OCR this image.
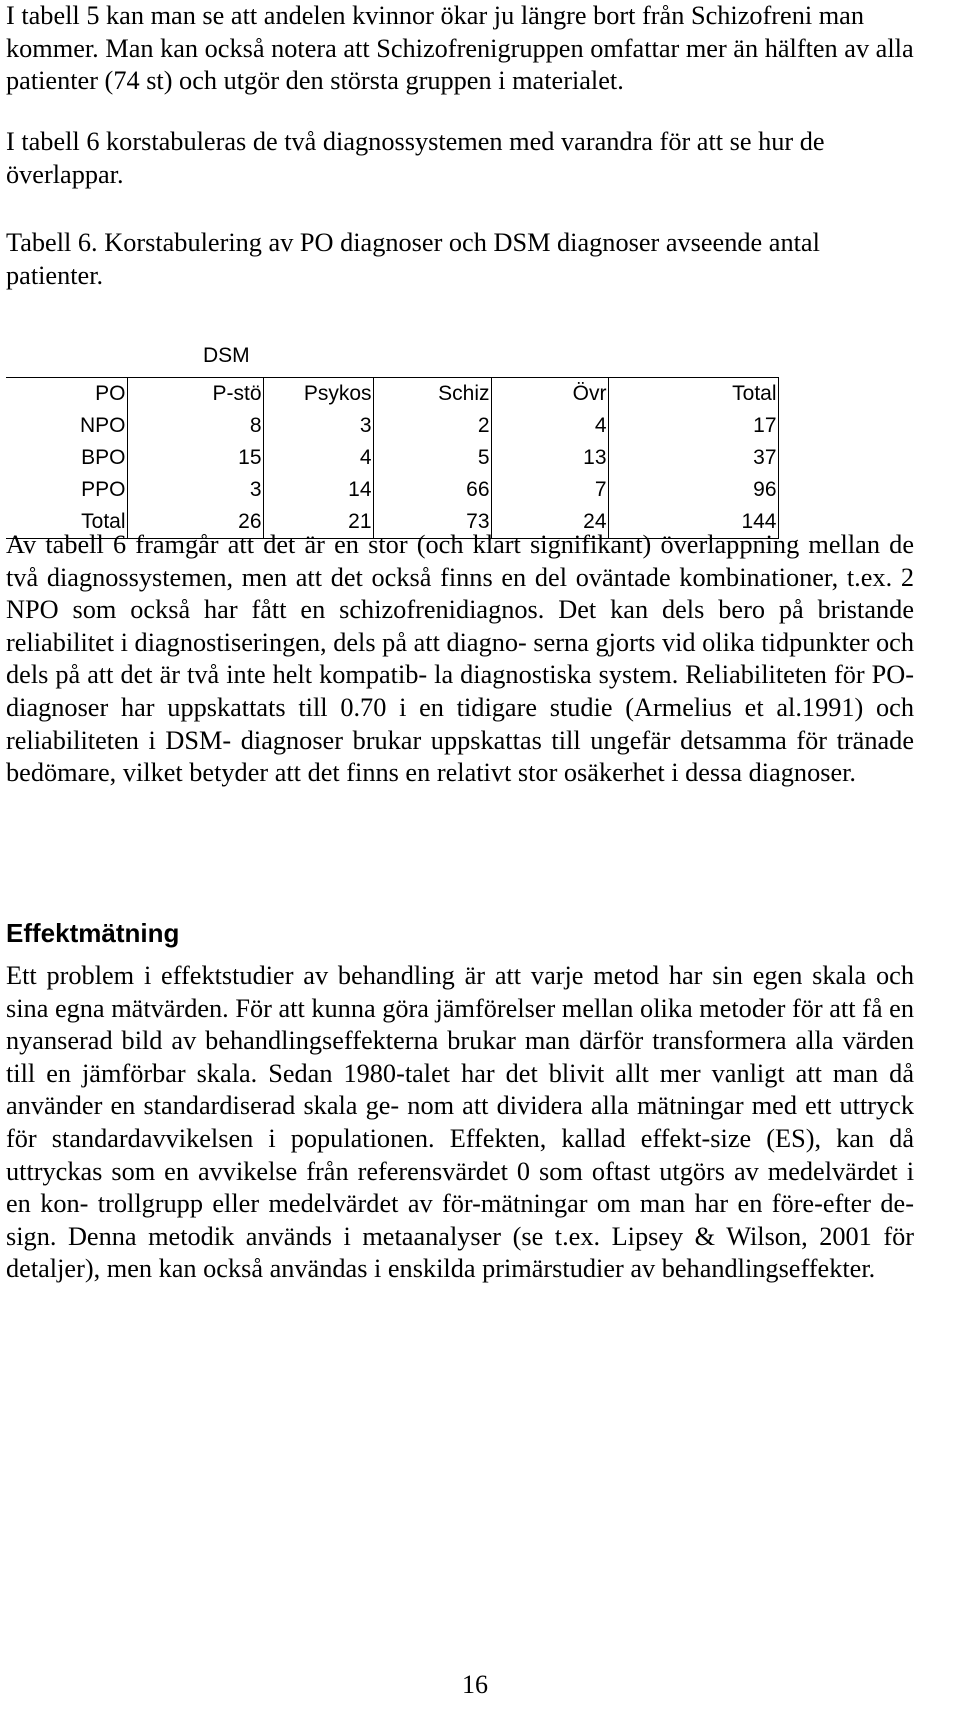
I tabell 5 kan man se att andelen kvinnor ökar ju längre bort från Schizofreni man kommer. Man kan också notera att Schizofrenigruppen omfattar mer än hälften av alla patienter (74 st) och utgör den största gruppen i materialet.

I tabell 6 korstabuleras de två diagnossystemen med varandra för att se hur de överlappar.

Tabell 6. Korstabulering av PO diagnoser och DSM diagnoser avseende antal patienter.

DSM
PO	P-stö	Psykos	Schiz	Övr	Total
NPO	8	3	2	4	17
BPO	15	4	5	13	37
PPO	3	14	66	7	96
Total	26	21	73	24	144

Av tabell 6 framgår att det är en stor (och klart signifikant) överlappning mellan de två diagnossystemen, men att det också finns en del oväntade kombinationer, t.ex. 2 NPO som också har fått en schizofrenidiagnos. Det kan dels bero på bristande reliabilitet i diagnostiseringen, dels på att diagno- serna gjorts vid olika tidpunkter och dels på att det är två inte helt kompatib- la diagnostiska system. Reliabiliteten för PO-diagnoser har uppskattats till 0.70 i en tidigare studie (Armelius et al.1991) och reliabiliteten i DSM- diagnoser brukar uppskattas till ungefär detsamma för tränade bedömare, vilket betyder att det finns en relativt stor osäkerhet i dessa diagnoser.

Effektmätning

Ett problem i effektstudier av behandling är att varje metod har sin egen skala och sina egna mätvärden. För att kunna göra jämförelser mellan olika metoder för att få en nyanserad bild av behandlingseffekterna brukar man därför transformera alla värden till en jämförbar skala. Sedan 1980-talet har det blivit allt mer vanligt att man då använder en standardiserad skala ge- nom att dividera alla mätningar med ett uttryck för standardavvikelsen i populationen. Effekten, kallad effekt-size (ES), kan då uttryckas som en avvikelse från referensvärdet 0 som oftast utgörs av medelvärdet i en kon- trollgrupp eller medelvärdet av för-mätningar om man har en före-efter de- sign. Denna metodik används i metaanalyser (se t.ex. Lipsey & Wilson, 2001 för detaljer), men kan också användas i enskilda primärstudier av behandlingseffekter.

16
